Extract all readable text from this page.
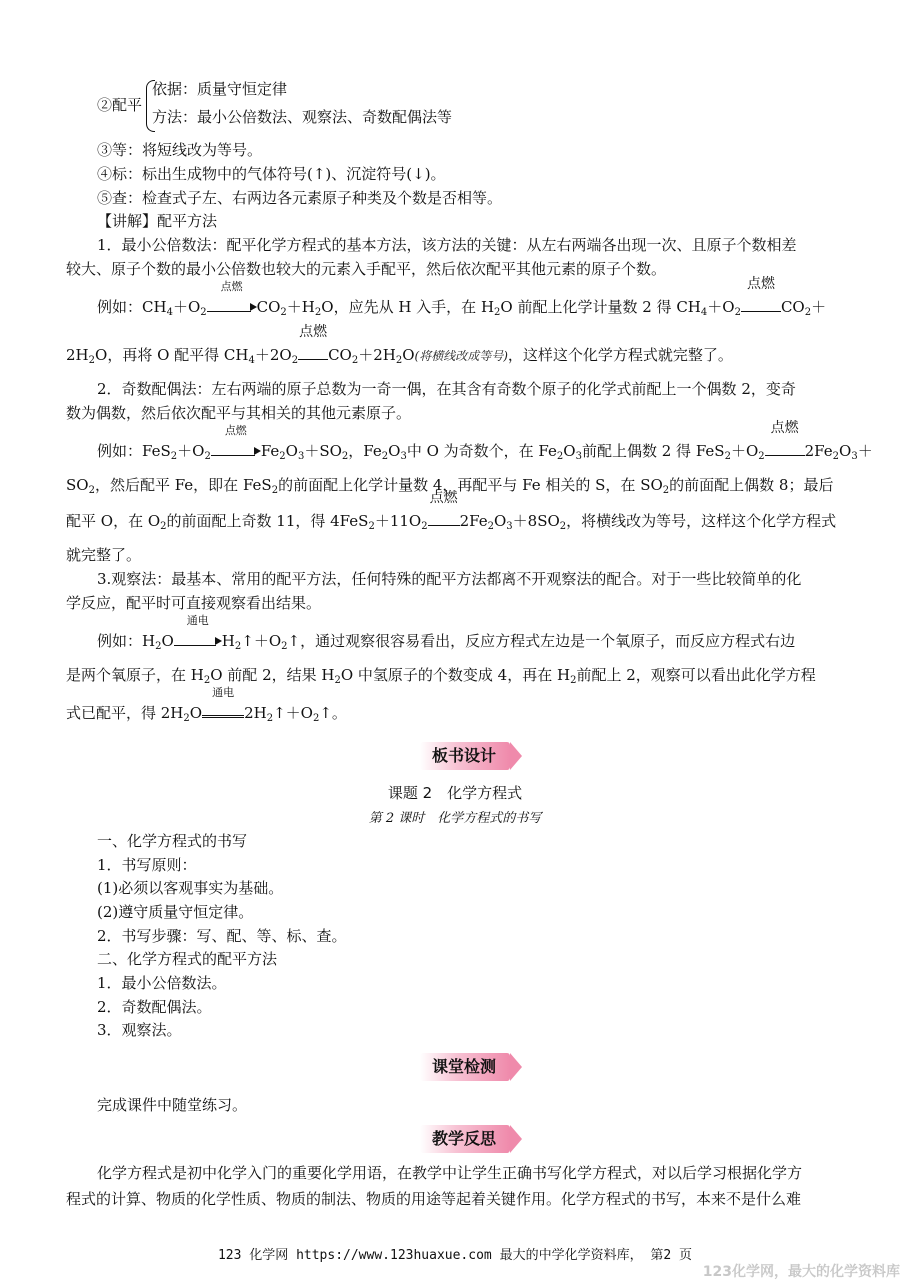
②配平
依据：质量守恒定律
方法：最小公倍数法、观察法、奇数配偶法等
③等：将短线改为等号。
④标：标出生成物中的气体符号(↑)、沉淀符号(↓)。
⑤查：检查式子左、右两边各元素原子种类及个数是否相等。
【讲解】配平方法
1．最小公倍数法：配平化学方程式的基本方法，该方法的关键：从左右两端各出现一次、且原子个数相差
较大、原子个数的最小公倍数也较大的元素入手配平，然后依次配平其他元素的原子个数。
例如：$CH_4+O_2$
点燃
$CO_2+H_2O$，应先从 H 入手，在 $H_2O$ 前配上化学计量数 2 得 $CH_4+O_2$
点燃
$CO_2+$
$2H_2O$，再将 O 配平得 $CH_4+2O_2$
点燃
$CO_2+2H_2O$(将横线改成等号)，这样这个化学方程式就完整了。
2．奇数配偶法：左右两端的原子总数为一奇一偶，在其含有奇数个原子的化学式前配上一个偶数 2，变奇
数为偶数，然后依次配平与其相关的其他元素原子。
例如：$FeS_2+O_2$
点燃
$Fe_2O_3+SO_2$，$Fe_2O_3$中 O 为奇数个，在 $Fe_2O_3$前配上偶数 2 得 $FeS_2+O_2$
点燃
$2Fe_2O_3+$
$SO_2$，然后配平 Fe，即在 FeS$_2$的前面配上化学计量数 4，再配平与 Fe 相关的 S，在 $SO_2$的前面配上偶数 8；最后
配平 O，在 $O_2$的前面配上奇数 11，得 $4FeS_2+11O_2$
点燃
$2Fe_2O_3+8SO_2$，将横线改为等号，这样这个化学方程式
就完整了。
3.观察法：最基本、常用的配平方法，任何特殊的配平方法都离不开观察法的配合。对于一些比较简单的化
学反应，配平时可直接观察看出结果。
例如：$H_2O$
通电
$H_2↑+O_2↑$，通过观察很容易看出，反应方程式左边是一个氧原子，而反应方程式右边
是两个氧原子，在 $H_2O$ 前配 2，结果 $H_2O$ 中氢原子的个数变成 4，再在 $H_2$前配上 2，观察可以看出此化学方程
式已配平，得 $2H_2O$
通电
$2H_2↑+O_2↑$。
板书设计
课题 2　化学方程式
第 2 课时　化学方程式的书写
一、化学方程式的书写
1．书写原则：
(1)必须以客观事实为基础。
(2)遵守质量守恒定律。
2．书写步骤：写、配、等、标、查。
二、化学方程式的配平方法
1．最小公倍数法。
2．奇数配偶法。
3．观察法。
课堂检测
完成课件中随堂练习。
教学反思
化学方程式是初中化学入门的重要化学用语，在教学中让学生正确书写化学方程式，对以后学习根据化学方
程式的计算、物质的化学性质、物质的制法、物质的用途等起着关键作用。化学方程式的书写，本来不是什么难
123 化学网 https://www.123huaxue.com 最大的中学化学资料库， 第2 页
123化学网，最大的化学资料库
